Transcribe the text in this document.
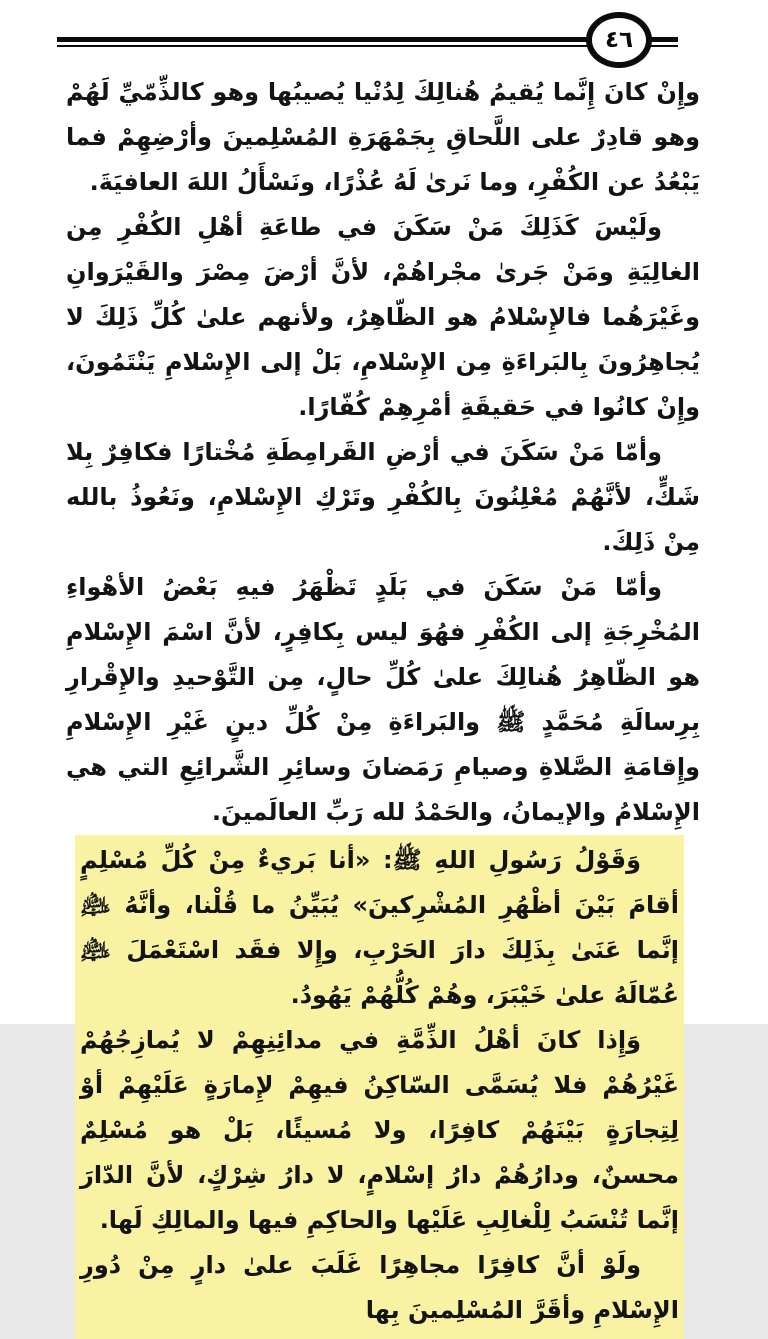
٤٦

وإِنْ كانَ إِنَّما يُقيمُ هُنالِكَ لِدُنْيا يُصيبُها وهو كالذِّمّيِّ لَهُمْ وهو قادِرٌ على اللَّحاقِ بِجَمْهَرَةِ المُسْلِمينَ وأرْضِهِمْ فما يَبْعُدُ عن الكُفْرِ، وما نَرىٰ لَهُ عُذْرًا، ونَسْأَلُ اللهَ العافيَةَ.

ولَيْسَ كَذَلِكَ مَنْ سَكَنَ في طاعَةِ أهْلِ الكُفْرِ مِن الغالِيَةِ ومَنْ جَرىٰ مجْراهُمْ، لأنَّ أرْضَ مِصْرَ والقَيْرَوانِ وغَيْرَهُما فالإِسْلامُ هو الظّاهِرُ، ولأنهم علىٰ كُلِّ ذَلِكَ لا يُجاهِرُونَ بِالبَراءَةِ مِن الإِسْلامِ، بَلْ إلى الإِسْلامِ يَنْتَمُونَ، وإِنْ كانُوا في حَقيقَةِ أمْرِهِمْ كُفّارًا.

وأمّا مَنْ سَكَنَ في أرْضِ القَرامِطَةِ مُخْتارًا فكافِرٌ بِلا شَكٍّ، لأنَّهُمْ مُعْلِنُونَ بِالكُفْرِ وتَرْكِ الإِسْلامِ، ونَعُوذُ بالله مِنْ ذَلِكَ.

وأمّا مَنْ سَكَنَ في بَلَدٍ تَظْهَرُ فيهِ بَعْضُ الأهْواءِ المُخْرِجَةِ إلى الكُفْرِ فهُوَ ليس بِكافِرٍ، لأنَّ اسْمَ الإِسْلامِ هو الظّاهِرُ هُنالِكَ علىٰ كُلِّ حالٍ، مِن التَّوْحيدِ والإِقْرارِ بِرِسالَةِ مُحَمَّدٍ ﷺ والبَراءَةِ مِنْ كُلِّ دينٍ غَيْرِ الإِسْلامِ وإِقامَةِ الصَّلاةِ وصيامِ رَمَضانَ وسائِرِ الشَّرائِعِ التي هي الإِسْلامُ والإيمانُ، والحَمْدُ لله رَبِّ العالَمينَ.

وَقَوْلُ رَسُولِ اللهِ ﷺ: «أنا بَريءٌ مِنْ كُلِّ مُسْلِمٍ أقامَ بَيْنَ أظْهُرِ المُشْرِكينَ» يُبَيِّنُ ما قُلْنا، وأنَّهُ ﵇ إنَّما عَنَىٰ بِذَلِكَ دارَ الحَرْبِ، وإِلا فقَد اسْتَعْمَلَ ﵇ عُمّالَهُ علىٰ خَيْبَرَ، وهُمْ كُلُّهُمْ يَهُودُ.

وَإِذا كانَ أهْلُ الذِّمَّةِ في مدائِنِهِمْ لا يُمازِجُهُمْ غَيْرُهُمْ فلا يُسَمَّى السّاكِنُ فيهِمْ لإِمارَةٍ عَلَيْهِمْ أوْ لِتِجارَةٍ بَيْنَهُمْ كافِرًا، ولا مُسيئًا، بَلْ هو مُسْلِمٌ محسنٌ، ودارُهُمْ دارُ إسْلامٍ، لا دارُ شِرْكٍ، لأنَّ الدّارَ إنَّما تُنْسَبُ لِلْغالِبِ عَلَيْها والحاكِمِ فيها والمالِكِ لَها.

ولَوْ أنَّ كافِرًا مجاهِرًا غَلَبَ علىٰ دارٍ مِنْ دُورِ الإِسْلامِ وأقَرَّ المُسْلِمينَ بِها
